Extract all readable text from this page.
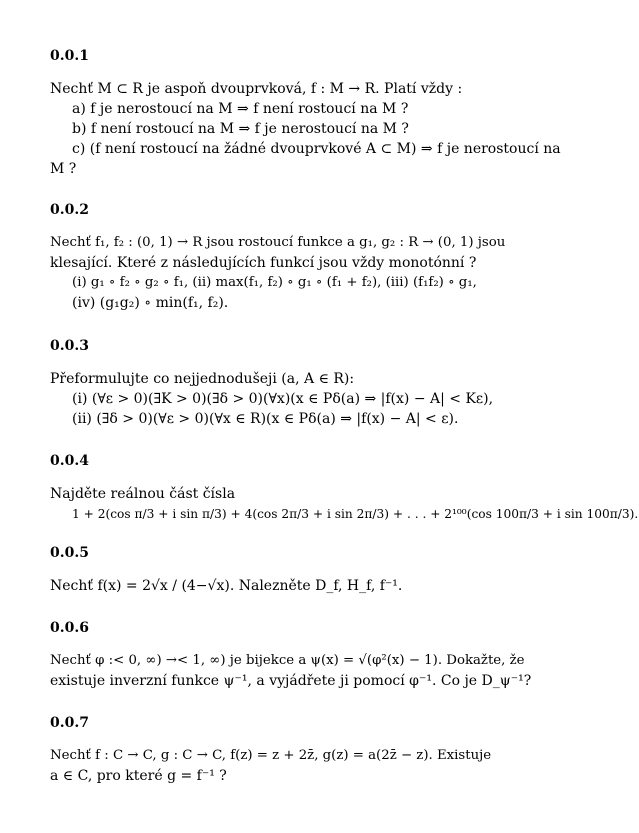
0.0.1
Nechť M ⊂ R je aspoň dvouprvková, f : M → R. Platí vždy :
a) f je nerostoucí na M ⇒ f není rostoucí na M ?
b) f není rostoucí na M ⇒ f je nerostoucí na M ?
c) (f není rostoucí na žádné dvouprvkové A ⊂ M) ⇒ f je nerostoucí na
M ?
0.0.2
Nechť f₁, f₂ : (0, 1) → R jsou rostoucí funkce a g₁, g₂ : R → (0, 1) jsou
klesající. Které z následujících funkcí jsou vždy monotónní ?
(i) g₁ ∘ f₂ ∘ g₂ ∘ f₁, (ii) max(f₁, f₂) ∘ g₁ ∘ (f₁ + f₂), (iii) (f₁f₂) ∘ g₁,
(iv) (g₁g₂) ∘ min(f₁, f₂).
0.0.3
Přeformulujte co nejjednodušeji (a, A ∈ R):
(i) (∀ε > 0)(∃K > 0)(∃δ > 0)(∀x)(x ∈ Pδ(a) ⇒ |f(x) − A| < Kε),
(ii) (∃δ > 0)(∀ε > 0)(∀x ∈ R)(x ∈ Pδ(a) ⇒ |f(x) − A| < ε).
0.0.4
Najděte reálnou část čísla
1 + 2(cos π/3 + i sin π/3) + 4(cos 2π/3 + i sin 2π/3) + . . . + 2¹⁰⁰(cos 100π/3 + i sin 100π/3).
0.0.5
Nechť f(x) = 2√x / (4−√x). Nalezněte D_f, H_f, f⁻¹.
0.0.6
Nechť φ :< 0, ∞) →< 1, ∞) je bijekce a ψ(x) = √(φ²(x) − 1). Dokažte, že
existuje inverzní funkce ψ⁻¹, a vyjádřete ji pomocí φ⁻¹. Co je D_ψ⁻¹?
0.0.7
Nechť f : C → C, g : C → C, f(z) = z + 2z̄, g(z) = a(2z̄ − z). Existuje
a ∈ C, pro které g = f⁻¹ ?
